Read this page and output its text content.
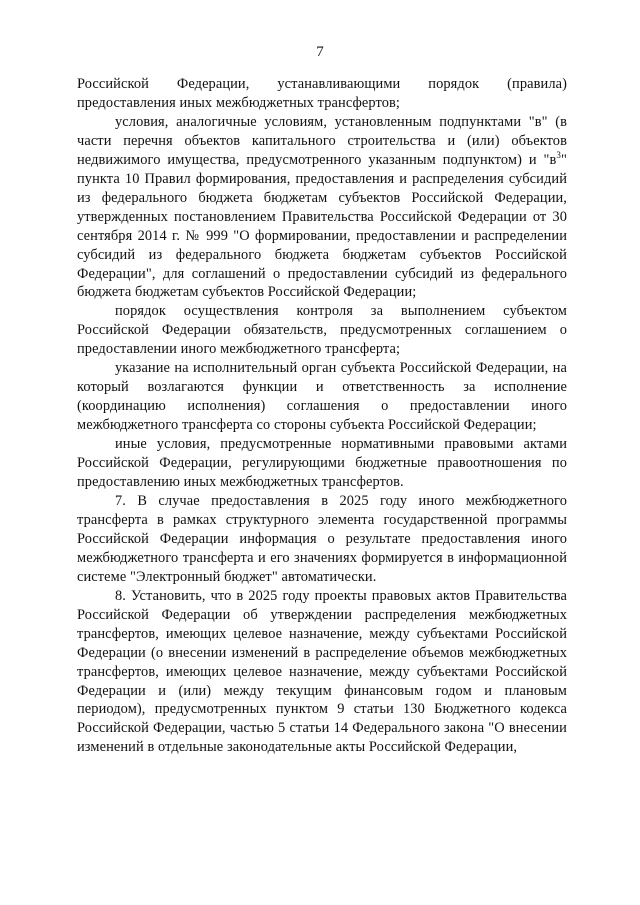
7

Российской Федерации, устанавливающими порядок (правила) предоставления иных межбюджетных трансфертов;

условия, аналогичные условиям, установленным подпунктами "в" (в части перечня объектов капитального строительства и (или) объектов недвижимого имущества, предусмотренного указанным подпунктом) и "$в^3$" пункта 10 Правил формирования, предоставления и распределения субсидий из федерального бюджета бюджетам субъектов Российской Федерации, утвержденных постановлением Правительства Российской Федерации от 30 сентября 2014 г. № 999 "О формировании, предоставлении и распределении субсидий из федерального бюджета бюджетам субъектов Российской Федерации", для соглашений о предоставлении субсидий из федерального бюджета бюджетам субъектов Российской Федерации;

порядок осуществления контроля за выполнением субъектом Российской Федерации обязательств, предусмотренных соглашением о предоставлении иного межбюджетного трансферта;

указание на исполнительный орган субъекта Российской Федерации, на который возлагаются функции и ответственность за исполнение (координацию исполнения) соглашения о предоставлении иного межбюджетного трансферта со стороны субъекта Российской Федерации;

иные условия, предусмотренные нормативными правовыми актами Российской Федерации, регулирующими бюджетные правоотношения по предоставлению иных межбюджетных трансфертов.

7. В случае предоставления в 2025 году иного межбюджетного трансферта в рамках структурного элемента государственной программы Российской Федерации информация о результате предоставления иного межбюджетного трансферта и его значениях формируется в информационной системе "Электронный бюджет" автоматически.

8. Установить, что в 2025 году проекты правовых актов Правительства Российской Федерации об утверждении распределения межбюджетных трансфертов, имеющих целевое назначение, между субъектами Российской Федерации (о внесении изменений в распределение объемов межбюджетных трансфертов, имеющих целевое назначение, между субъектами Российской Федерации и (или) между текущим финансовым годом и плановым периодом), предусмотренных пунктом 9 статьи 130 Бюджетного кодекса Российской Федерации, частью 5 статьи 14 Федерального закона "О внесении изменений в отдельные законодательные акты Российской Федерации,
